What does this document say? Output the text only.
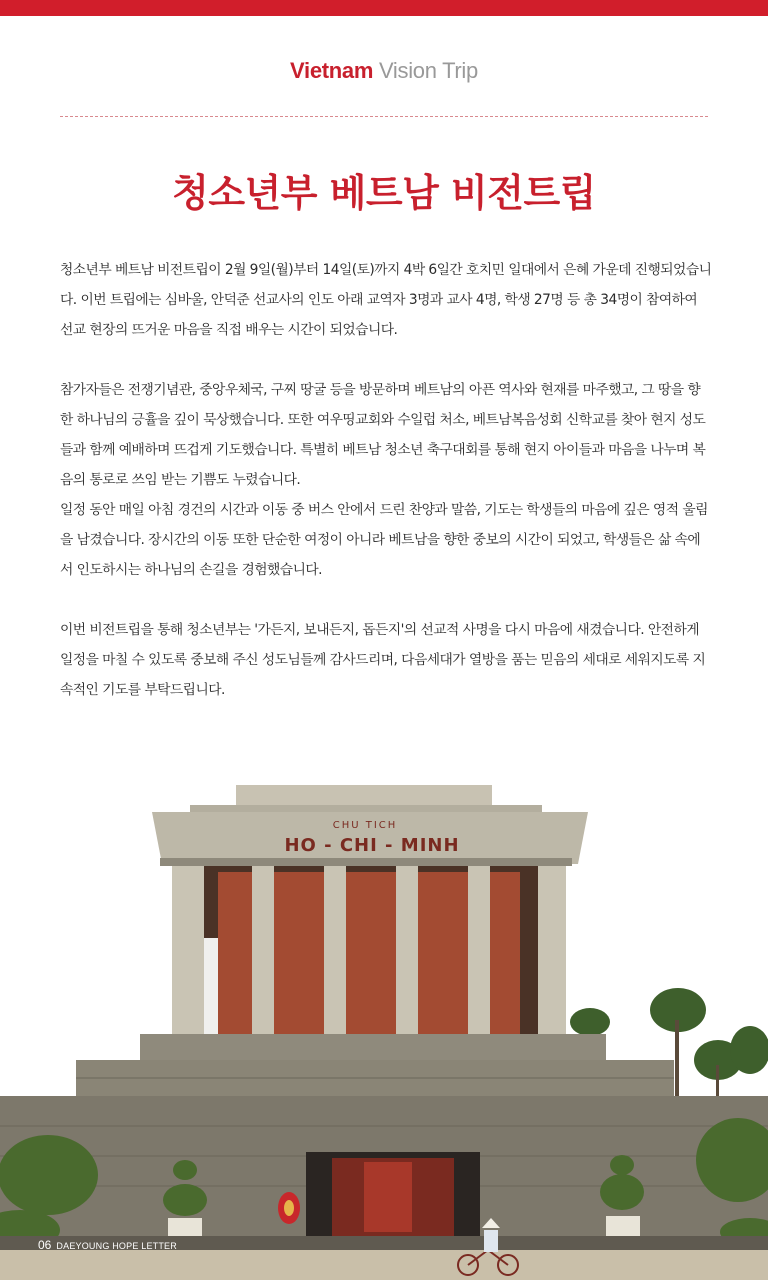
Vietnam Vision Trip
청소년부 베트남 비전트립

청소년부 베트남 비전트립이 2월 9일(월)부터 14일(토)까지 4박 6일간 호치민 일대에서 은혜 가운데 진행되었습니다. 이번 트립에는 심바울, 안덕준 선교사의 인도 아래 교역자 3명과 교사 4명, 학생 27명 등 총 34명이 참여하여 선교 현장의 뜨거운 마음을 직접 배우는 시간이 되었습니다.

참가자들은 전쟁기념관, 중앙우체국, 구찌 땅굴 등을 방문하며 베트남의 아픈 역사와 현재를 마주했고, 그 땅을 향한 하나님의 긍휼을 깊이 묵상했습니다. 또한 여우띵교회와 수일럽 처소, 베트남복음성회 신학교를 찾아 현지 성도들과 함께 예배하며 뜨겁게 기도했습니다. 특별히 베트남 청소년 축구대회를 통해 현지 아이들과 마음을 나누며 복음의 통로로 쓰임 받는 기쁨도 누렸습니다.

일정 동안 매일 아침 경건의 시간과 이동 중 버스 안에서 드린 찬양과 말씀, 기도는 학생들의 마음에 깊은 영적 울림을 남겼습니다. 장시간의 이동 또한 단순한 여정이 아니라 베트남을 향한 중보의 시간이 되었고, 학생들은 삶 속에서 인도하시는 하나님의 손길을 경험했습니다.

이번 비전트립을 통해 청소년부는 '가든지, 보내든지, 돕든지'의 선교적 사명을 다시 마음에 새겼습니다. 안전하게 일정을 마칠 수 있도록 중보해 주신 성도님들께 감사드리며, 다음세대가 열방을 품는 믿음의 세대로 세워지도록 지속적인 기도를 부탁드립니다.

CHU TICH
HO - CHI - MINH
06 DAEYOUNG HOPE LETTER
